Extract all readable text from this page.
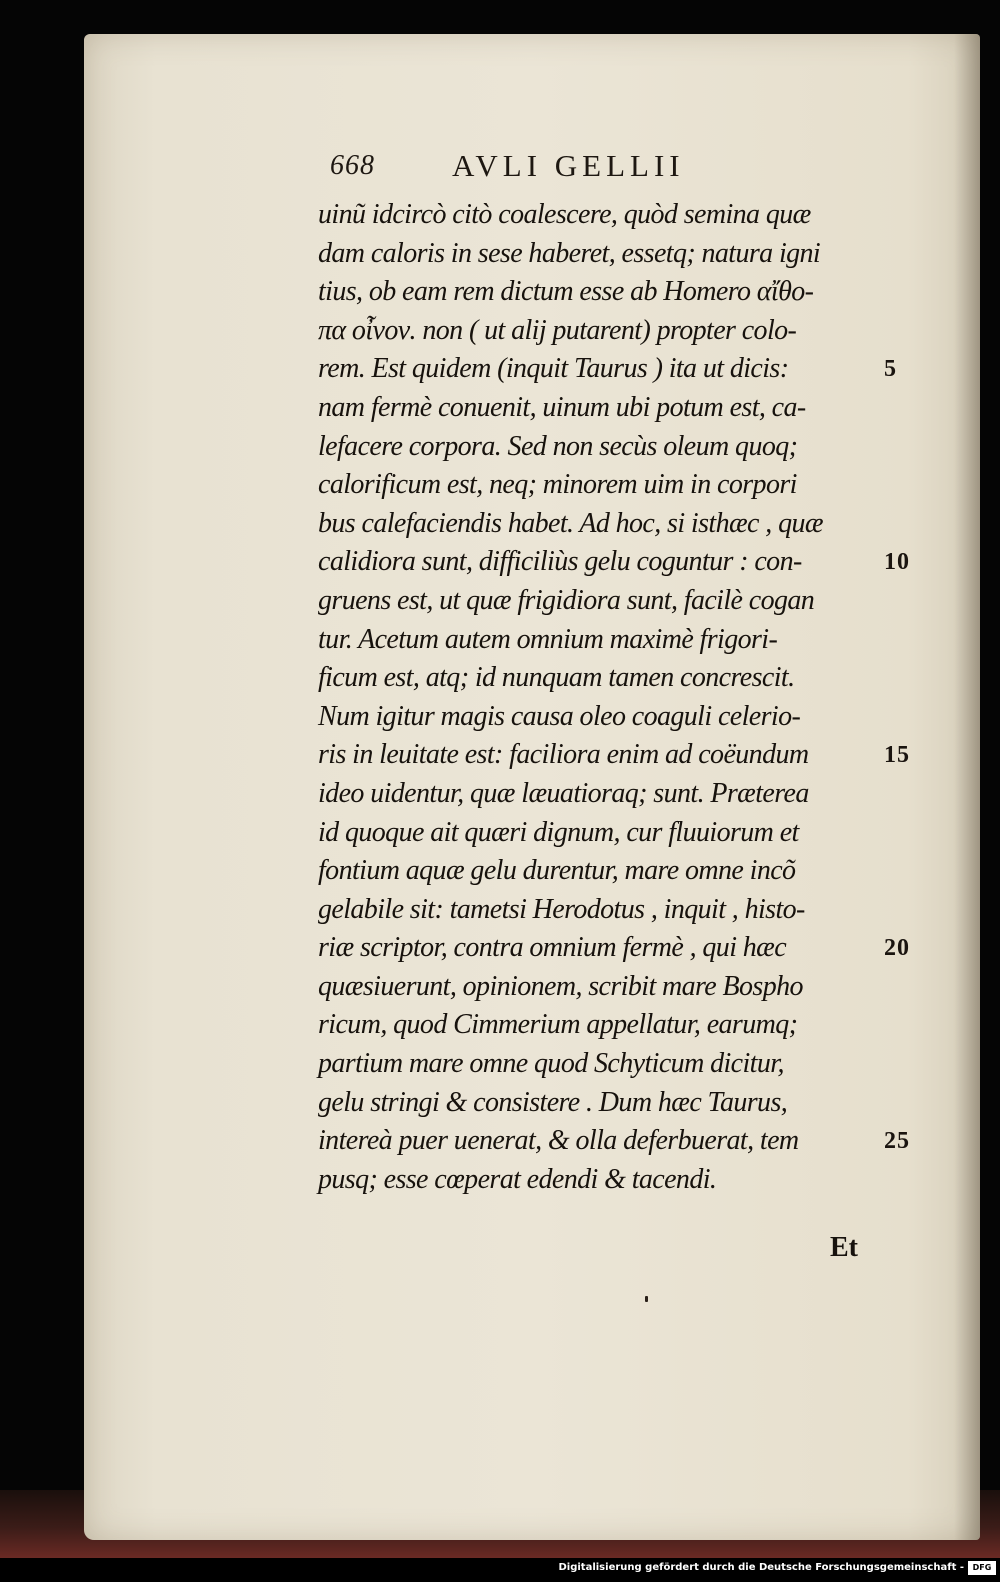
668 AVLI GELLII
uinũ idcircò citò coalescere, quòd semina quæ
dam caloris in sese haberet, essetq; natura igni
tius, ob eam rem dictum esse ab Homero αἴθο-
πα οἶνον. non ( ut alij putarent) propter colo-
rem. Est quidem (inquit Taurus ) ita ut dicis:	5
nam fermè conuenit, uinum ubi potum est, ca-
lefacere corpora. Sed non secùs oleum quoq;
calorificum est, neq; minorem uim in corpori
bus calefaciendis habet. Ad hoc, si isthæc , quæ
calidiora sunt, difficiliùs gelu coguntur : con-	10
gruens est, ut quæ frigidiora sunt, facilè cogan
tur. Acetum autem omnium maximè frigori-
ficum est, atq; id nunquam tamen concrescit.
Num igitur magis causa oleo coaguli celerio-
ris in leuitate est: faciliora enim ad coëundum	15
ideo uidentur, quæ læuatioraq; sunt. Præterea
id quoque ait quæri dignum, cur fluuiorum et
fontium aquæ gelu durentur, mare omne incõ
gelabile sit: tametsi Herodotus , inquit , histo-
riæ scriptor, contra omnium fermè , qui hæc	20
quæsiuerunt, opinionem, scribit mare Bospho
ricum, quod Cimmerium appellatur, earumq;
partium mare omne quod Schyticum dicitur,
gelu stringi & consistere . Dum hæc Taurus,
intereà puer uenerat, & olla deferbuerat, tem	25
pusq; esse cœperat edendi & tacendi.
Et
Digitalisierung gefördert durch die Deutsche Forschungsgemeinschaft -	DFG
